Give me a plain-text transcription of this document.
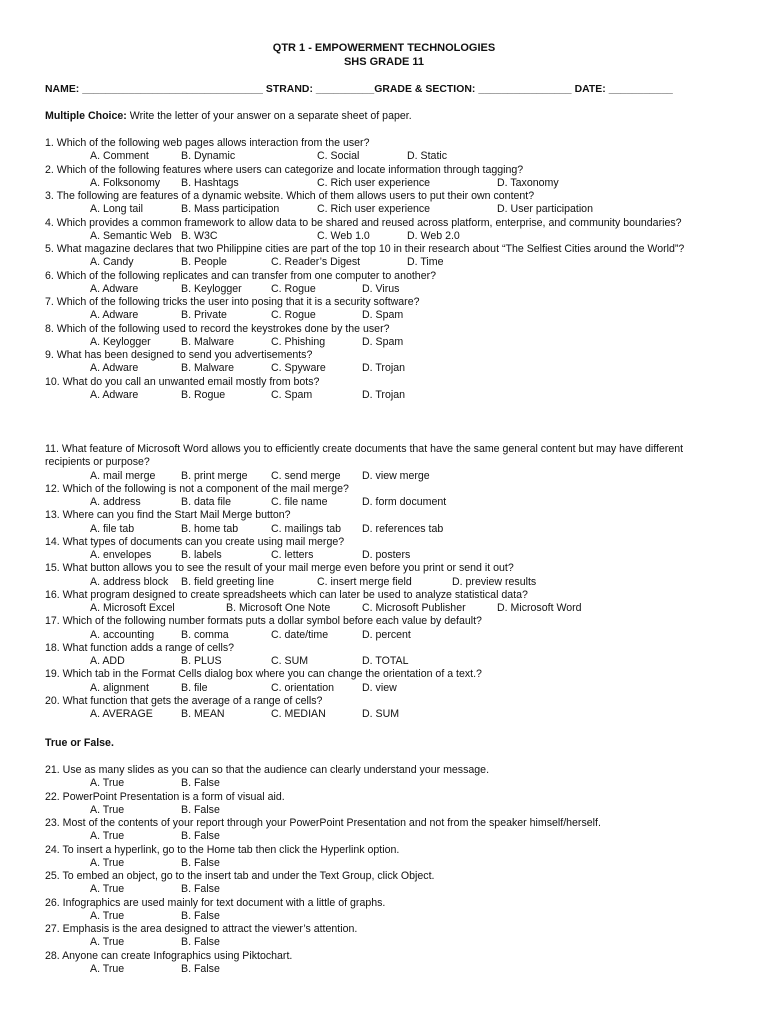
QTR 1 - EMPOWERMENT TECHNOLOGIES
SHS GRADE 11
NAME: _______________________________ STRAND: __________GRADE & SECTION: ________________ DATE: ___________
Multiple Choice: Write the letter of your answer on a separate sheet of paper.
1. Which of the following web pages allows interaction from the user?
A. Comment	B. Dynamic	C. Social	D. Static
2. Which of the following features where users can categorize and locate information through tagging?
A. Folksonomy B. Hashtags	C. Rich user experience	D. Taxonomy
3. The following are features of a dynamic website. Which of them allows users to put their own content?
A. Long tail	B. Mass participation	C. Rich user experience	D. User participation
4. Which provides a common framework to allow data to be shared and reused across platform, enterprise, and community boundaries?
A. Semantic Web B. W3C	C. Web 1.0	D. Web 2.0
5. What magazine declares that two Philippine cities are part of the top 10 in their research about “The Selfiest Cities around the World”?
A. Candy	B. People	C. Reader’s Digest	D. Time
6. Which of the following replicates and can transfer from one computer to another?
A. Adware	B. Keylogger	C. Rogue	D. Virus
7. Which of the following tricks the user into posing that it is a security software?
A. Adware	B. Private	C. Rogue	D. Spam
8. Which of the following used to record the keystrokes done by the user?
A. Keylogger	B. Malware	C. Phishing	D. Spam
9. What has been designed to send you advertisements?
A. Adware	B. Malware	C. Spyware	D. Trojan
10. What do you call an unwanted email mostly from bots?
A. Adware	B. Rogue	C. Spam	D. Trojan
11. What feature of Microsoft Word allows you to efficiently create documents that have the same general content but may have different recipients or purpose?
A. mail merge B. print merge C. send merge D. view merge
12. Which of the following is not a component of the mail merge?
A. address	B. data file	C. file name	D. form document
13. Where can you find the Start Mail Merge button?
A. file tab	B. home tab	C. mailings tab D. references tab
14. What types of documents can you create using mail merge?
A. envelopes	B. labels	C. letters	D. posters
15. What button allows you to see the result of your mail merge even before you print or send it out?
A. address block B. field greeting line	C. insert merge field	D. preview results
16. What program designed to create spreadsheets which can later be used to analyze statistical data?
A. Microsoft Excel	B. Microsoft One Note	C. Microsoft Publisher	D. Microsoft Word
17. Which of the following number formats puts a dollar symbol before each value by default?
A. accounting	B. comma	C. date/time	D. percent
18. What function adds a range of cells?
A. ADD	B. PLUS	C. SUM	D. TOTAL
19. Which tab in the Format Cells dialog box where you can change the orientation of a text.?
A. alignment	B. file	C. orientation	D. view
20. What function that gets the average of a range of cells?
A. AVERAGE	B. MEAN	C. MEDIAN	D. SUM
True or False.
21. Use as many slides as you can so that the audience can clearly understand your message.
A. True	B. False
22. PowerPoint Presentation is a form of visual aid.
A. True	B. False
23. Most of the contents of your report through your PowerPoint Presentation and not from the speaker himself/herself.
A. True	B. False
24. To insert a hyperlink, go to the Home tab then click the Hyperlink option.
A. True	B. False
25. To embed an object, go to the insert tab and under the Text Group, click Object.
A. True	B. False
26. Infographics are used mainly for text document with a little of graphs.
A. True	B. False
27. Emphasis is the area designed to attract the viewer’s attention.
A. True	B. False
28. Anyone can create Infographics using Piktochart.
A. True	B. False
